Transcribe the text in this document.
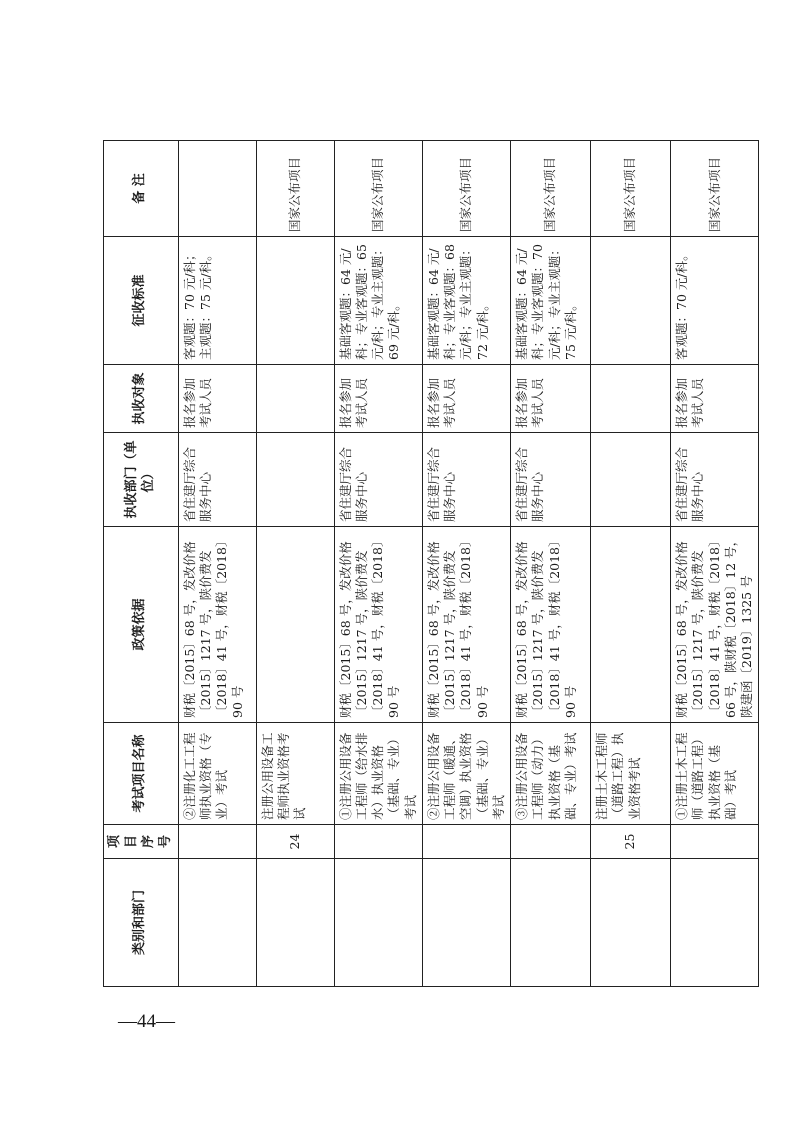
类别和部门	项目序号	考试项目名称	政策依据	执收部门（单位）	执收对象	征收标准	备 注
		②注册化工工程师执业资格（专业）考试	财税〔2015〕68 号，发改价格〔2015〕1217 号，陕价费发〔2018〕41 号，财税〔2018〕90 号	省住建厅综合服务中心	报名参加考试人员	客观题：70 元/科；主观题：75 元/科。	
	24	注册公用设备工程师执业资格考试					国家公布项目
		①注册公用设备工程师（给水排水）执业资格（基础、专业）考试	财税〔2015〕68 号，发改价格〔2015〕1217 号，陕价费发〔2018〕41 号，财税〔2018〕90 号	省住建厅综合服务中心	报名参加考试人员	基础客观题：64 元/科；专业客观题：65 元/科；专业主观题：69 元/科。	国家公布项目
		②注册公用设备工程师（暖通、空调）执业资格（基础、专业）考试	财税〔2015〕68 号，发改价格〔2015〕1217 号，陕价费发〔2018〕41 号，财税〔2018〕90 号	省住建厅综合服务中心	报名参加考试人员	基础客观题：64 元/科；专业客观题：68 元/科；专业主观题：72 元/科。	国家公布项目
		③注册公用设备工程师（动力）执业资格（基础、专业）考试	财税〔2015〕68 号，发改价格〔2015〕1217 号，陕价费发〔2018〕41 号，财税〔2018〕90 号	省住建厅综合服务中心	报名参加考试人员	基础客观题：64 元/科；专业客观题：70 元/科；专业主观题：75 元/科。	国家公布项目
	25	注册土木工程师（道路工程）执业资格考试					国家公布项目
		①注册土木工程师（道路工程）执业资格（基础）考试	财税〔2015〕68 号，发改价格〔2015〕1217 号，陕价费发〔2018〕41 号，财税〔2018〕66 号，陕财税〔2018〕12 号，陕建函〔2019〕1325 号	省住建厅综合服务中心	报名参加考试人员	客观题：70 元/科。	国家公布项目
—44—
